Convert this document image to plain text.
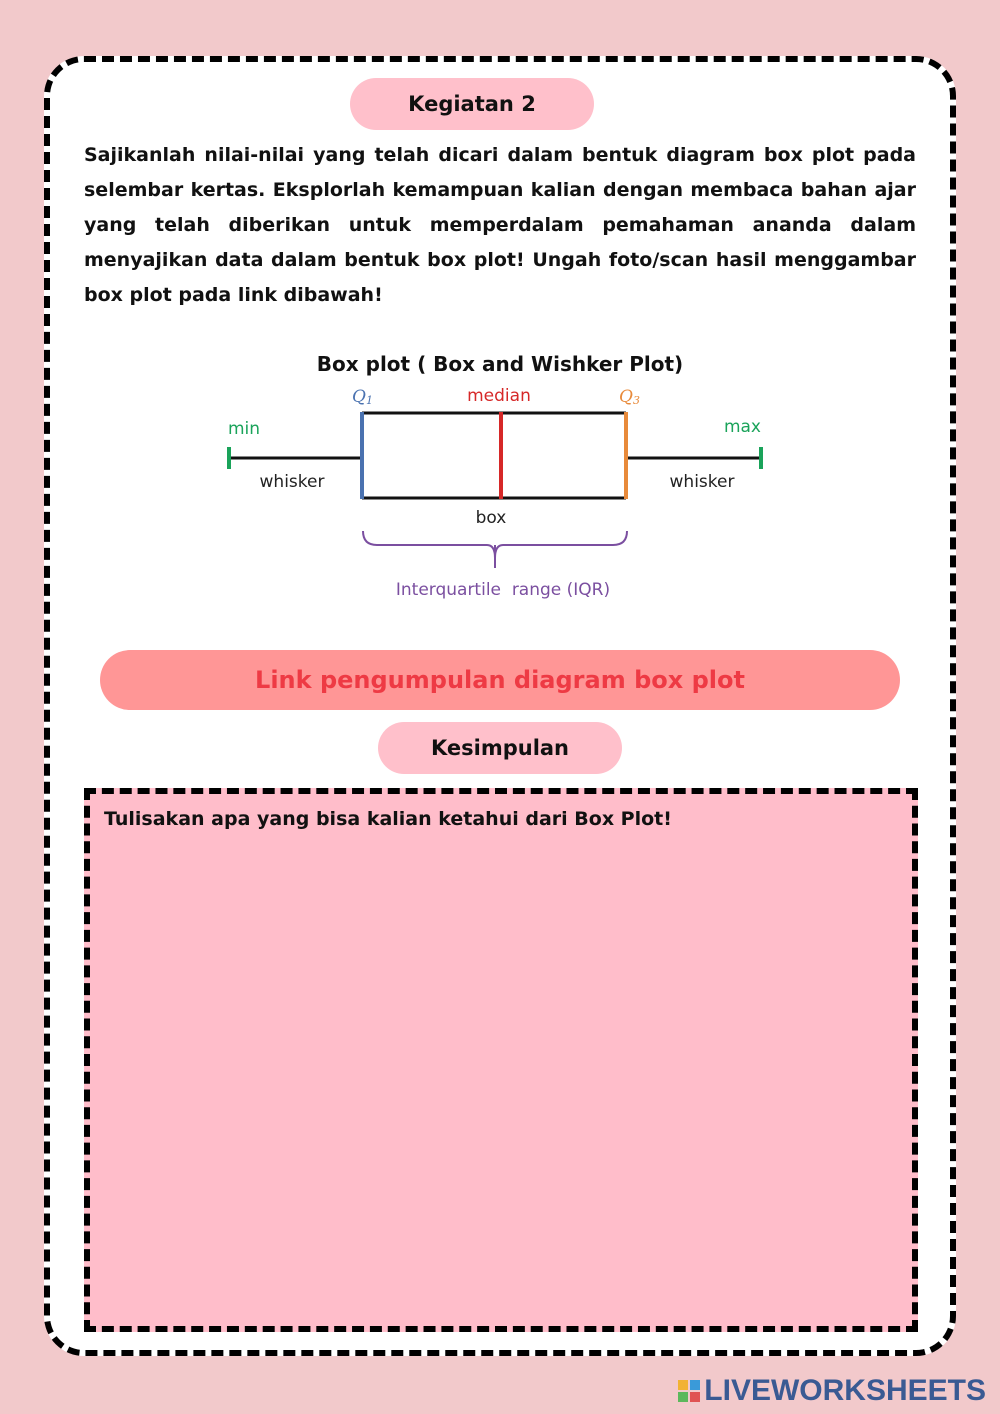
Kegiatan 2

Sajikanlah nilai-nilai yang telah dicari dalam bentuk diagram box plot pada selembar kertas. Eksplorlah kemampuan kalian dengan membaca bahan ajar yang telah diberikan untuk memperdalam pemahaman ananda dalam menyajikan data dalam bentuk box plot! Ungah foto/scan hasil menggambar box plot pada link dibawah!

Box plot ( Box and Wishker Plot)
Q1	median	Q3
min	max
whisker	whisker
box
Interquartile  range (IQR)
Link pengumpulan diagram box plot
Kesimpulan
Tulisakan apa yang bisa kalian ketahui dari Box Plot!
LIVEWORKSHEETS
